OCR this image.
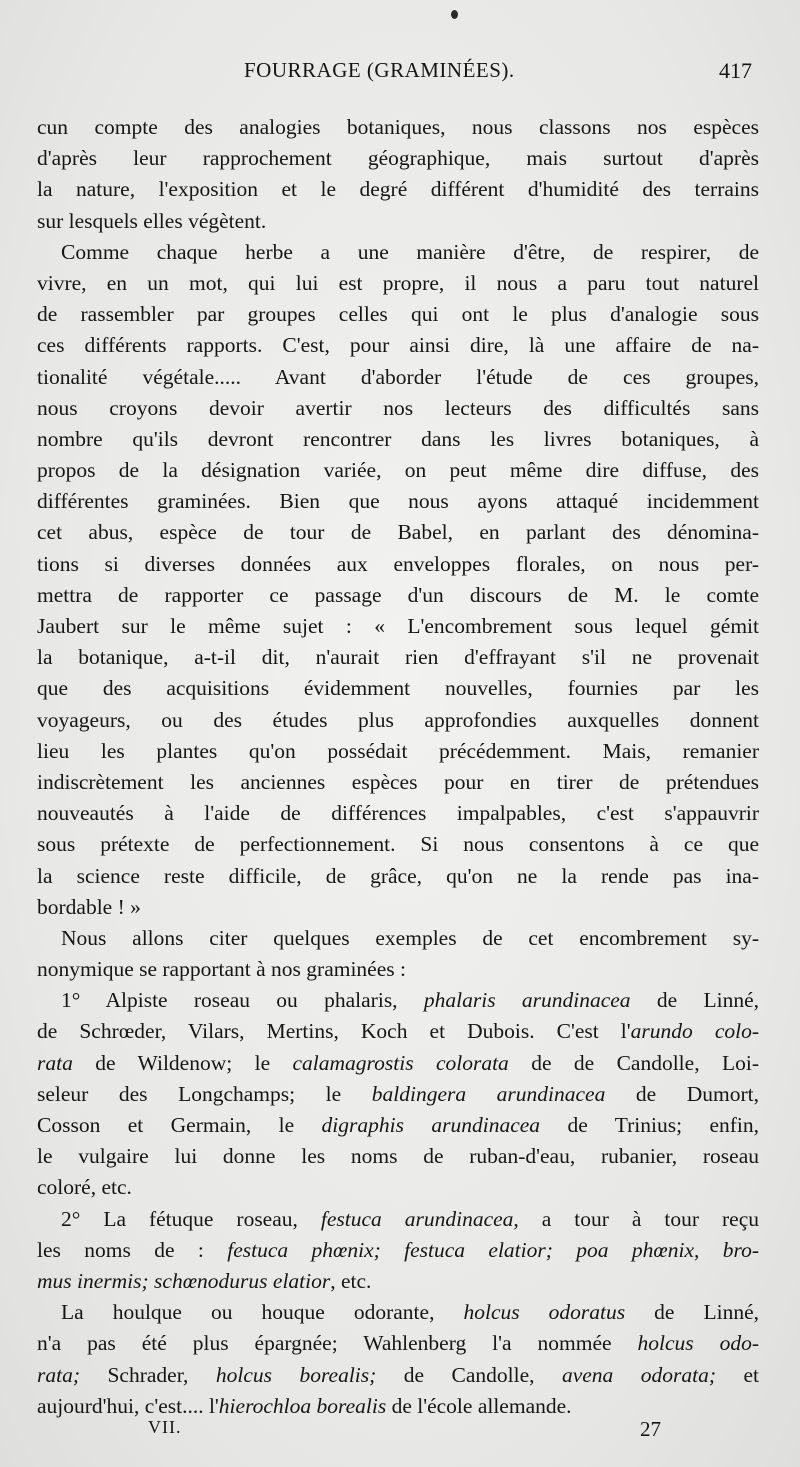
FOURRAGE (GRAMINÉES).	417
cun compte des analogies botaniques, nous classons nos espèces
d'après leur rapprochement géographique, mais surtout d'après
la nature, l'exposition et le degré différent d'humidité des terrains
sur lesquels elles végètent.
Comme chaque herbe a une manière d'être, de respirer, de
vivre, en un mot, qui lui est propre, il nous a paru tout naturel
de rassembler par groupes celles qui ont le plus d'analogie sous
ces différents rapports. C'est, pour ainsi dire, là une affaire de na-
tionalité végétale..... Avant d'aborder l'étude de ces groupes,
nous croyons devoir avertir nos lecteurs des difficultés sans
nombre qu'ils devront rencontrer dans les livres botaniques, à
propos de la désignation variée, on peut même dire diffuse, des
différentes graminées. Bien que nous ayons attaqué incidemment
cet abus, espèce de tour de Babel, en parlant des dénomina-
tions si diverses données aux enveloppes florales, on nous per-
mettra de rapporter ce passage d'un discours de M. le comte
Jaubert sur le même sujet : « L'encombrement sous lequel gémit
la botanique, a-t-il dit, n'aurait rien d'effrayant s'il ne provenait
que des acquisitions évidemment nouvelles, fournies par les
voyageurs, ou des études plus approfondies auxquelles donnent
lieu les plantes qu'on possédait précédemment. Mais, remanier
indiscrètement les anciennes espèces pour en tirer de prétendues
nouveautés à l'aide de différences impalpables, c'est s'appauvrir
sous prétexte de perfectionnement. Si nous consentons à ce que
la science reste difficile, de grâce, qu'on ne la rende pas ina-
bordable ! »
Nous allons citer quelques exemples de cet encombrement sy-
nonymique se rapportant à nos graminées :
1° Alpiste roseau ou phalaris, phalaris arundinacea de Linné,
de Schrœder, Vilars, Mertins, Koch et Dubois. C'est l'arundo colo-
rata de Wildenow; le calamagrostis colorata de de Candolle, Loi-
seleur des Longchamps; le baldingera arundinacea de Dumort,
Cosson et Germain, le digraphis arundinacea de Trinius; enfin,
le vulgaire lui donne les noms de ruban-d'eau, rubanier, roseau
coloré, etc.
2° La fétuque roseau, festuca arundinacea, a tour à tour reçu
les noms de : festuca phœnix; festuca elatior; poa phœnix, bro-
mus inermis; schœnodurus elatior, etc.
La houlque ou houque odorante, holcus odoratus de Linné,
n'a pas été plus épargnée; Wahlenberg l'a nommée holcus odo-
rata; Schrader, holcus borealis; de Candolle, avena odorata; et
aujourd'hui, c'est.... l'hierochloa borealis de l'école allemande.
VII.	27
